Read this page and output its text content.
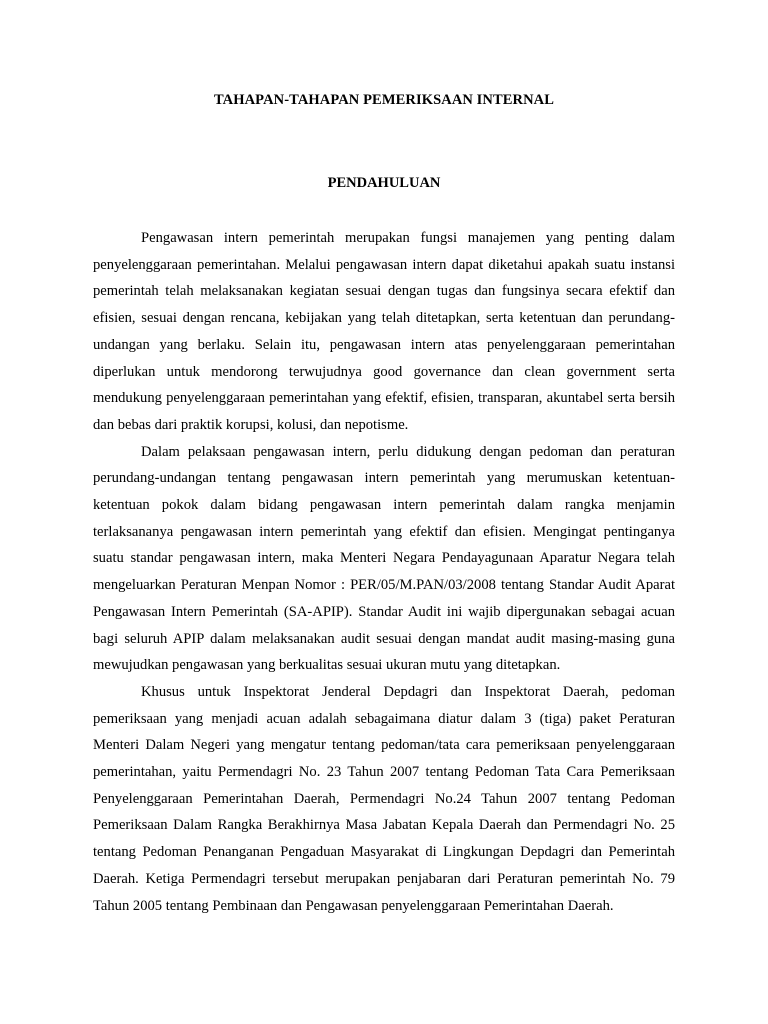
TAHAPAN-TAHAPAN PEMERIKSAAN INTERNAL
PENDAHULUAN

Pengawasan intern pemerintah merupakan fungsi manajemen yang penting dalam penyelenggaraan pemerintahan. Melalui pengawasan intern dapat diketahui apakah suatu instansi pemerintah telah melaksanakan kegiatan sesuai dengan tugas dan fungsinya secara efektif dan efisien, sesuai dengan rencana, kebijakan yang telah ditetapkan, serta ketentuan dan perundang-undangan yang berlaku. Selain itu, pengawasan intern atas penyelenggaraan pemerintahan diperlukan untuk mendorong terwujudnya good governance dan clean government serta mendukung penyelenggaraan pemerintahan yang efektif, efisien, transparan, akuntabel serta bersih dan bebas dari praktik korupsi, kolusi, dan nepotisme.

Dalam pelaksaan pengawasan intern, perlu didukung dengan pedoman dan peraturan perundang-undangan tentang pengawasan intern pemerintah yang merumuskan ketentuan-ketentuan pokok dalam bidang pengawasan intern pemerintah dalam rangka menjamin terlaksananya pengawasan intern pemerintah yang efektif dan efisien. Mengingat pentinganya suatu standar pengawasan intern, maka Menteri Negara Pendayagunaan Aparatur Negara telah mengeluarkan Peraturan Menpan Nomor : PER/05/M.PAN/03/2008 tentang Standar Audit Aparat Pengawasan Intern Pemerintah (SA-APIP). Standar Audit ini wajib dipergunakan sebagai acuan bagi seluruh APIP dalam melaksanakan audit sesuai dengan mandat audit masing-masing guna mewujudkan pengawasan yang berkualitas sesuai ukuran mutu yang ditetapkan.

Khusus untuk Inspektorat Jenderal Depdagri dan Inspektorat Daerah, pedoman pemeriksaan yang menjadi acuan adalah sebagaimana diatur dalam 3 (tiga) paket Peraturan Menteri Dalam Negeri yang mengatur tentang pedoman/tata cara pemeriksaan penyelenggaraan pemerintahan, yaitu Permendagri No. 23 Tahun 2007 tentang Pedoman Tata Cara Pemeriksaan Penyelenggaraan Pemerintahan Daerah, Permendagri No.24 Tahun 2007 tentang Pedoman Pemeriksaan Dalam Rangka Berakhirnya Masa Jabatan Kepala Daerah dan Permendagri No. 25 tentang Pedoman Penanganan Pengaduan Masyarakat di Lingkungan Depdagri dan Pemerintah Daerah. Ketiga Permendagri tersebut merupakan penjabaran dari Peraturan pemerintah No. 79 Tahun 2005 tentang Pembinaan dan Pengawasan penyelenggaraan Pemerintahan Daerah.
